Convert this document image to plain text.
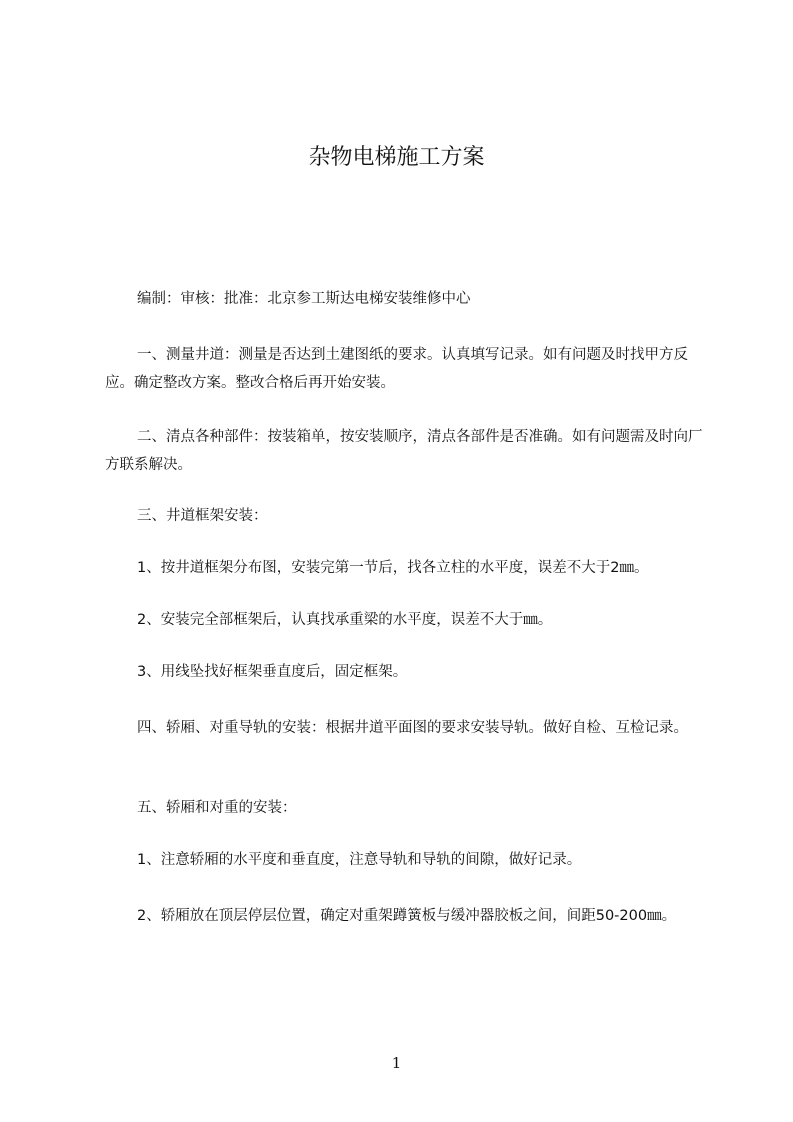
杂物电梯施工方案

编制：审核：批准：北京参工斯达电梯安装维修中心

一、测量井道：测量是否达到土建图纸的要求。认真填写记录。如有问题及时找甲方反应。确定整改方案。整改合格后再开始安装。

二、清点各种部件：按装箱单，按安装顺序，清点各部件是否准确。如有问题需及时向厂方联系解决。

三、井道框架安装：

1、按井道框架分布图，安装完第一节后，找各立柱的水平度，误差不大于2㎜。

2、安装完全部框架后，认真找承重梁的水平度，误差不大于㎜。

3、用线坠找好框架垂直度后，固定框架。

四、轿厢、对重导轨的安装：根据井道平面图的要求安装导轨。做好自检、互检记录。

五、轿厢和对重的安装：

1、注意轿厢的水平度和垂直度，注意导轨和导轨的间隙，做好记录。

2、轿厢放在顶层停层位置，确定对重架蹲簧板与缓冲器胶板之间，间距50-200㎜。

1
